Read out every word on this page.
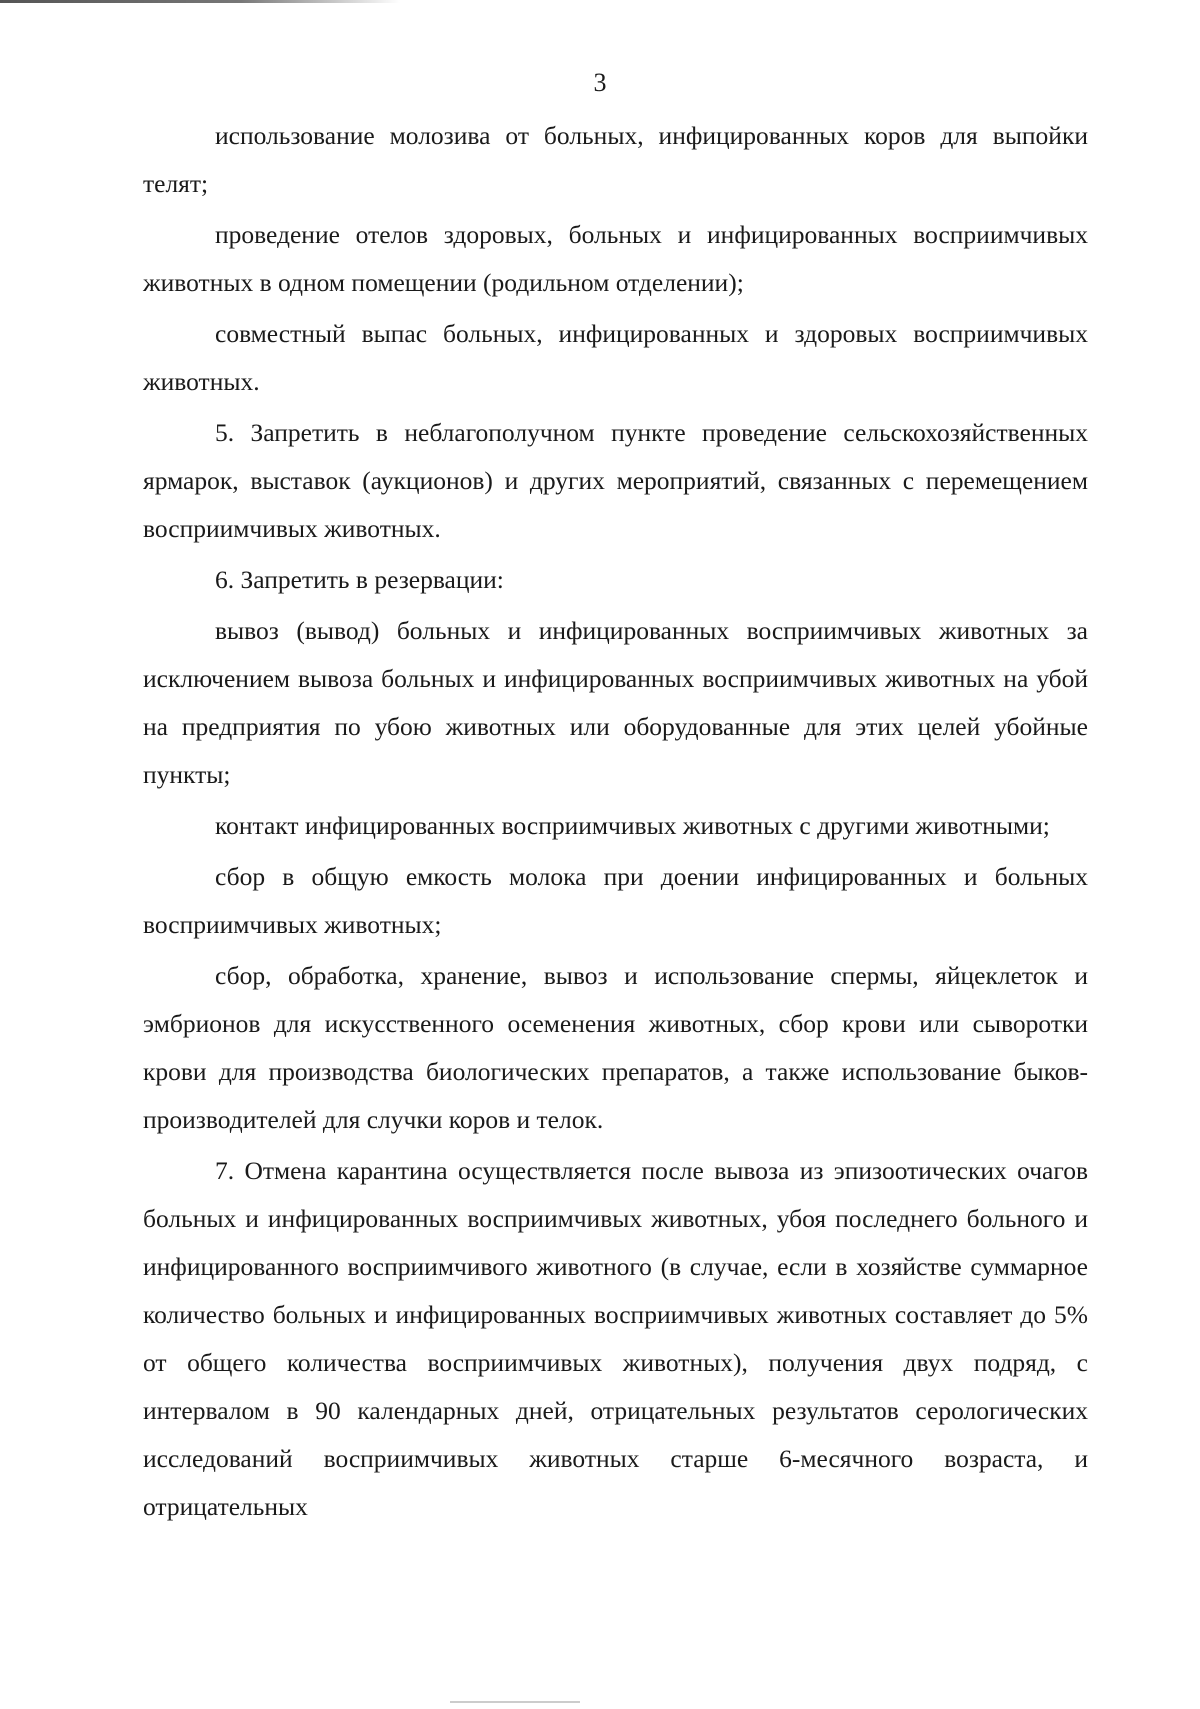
3

использование молозива от больных, инфицированных коров для выпойки телят;

проведение отелов здоровых, больных и инфицированных восприимчивых животных в одном помещении (родильном отделении);

совместный выпас больных, инфицированных и здоровых восприимчивых животных.

5. Запретить в неблагополучном пункте проведение сельскохозяйственных ярмарок, выставок (аукционов) и других мероприятий, связанных с перемещением восприимчивых животных.

6. Запретить в резервации:

вывоз (вывод) больных и инфицированных восприимчивых животных за исключением вывоза больных и инфицированных восприимчивых животных на убой на предприятия по убою животных или оборудованные для этих целей убойные пункты;

контакт инфицированных восприимчивых животных с другими животными;

сбор в общую емкость молока при доении инфицированных и больных восприимчивых животных;

сбор, обработка, хранение, вывоз и использование спермы, яйцеклеток и эмбрионов для искусственного осеменения животных, сбор крови или сыворотки крови для производства биологических препаратов, а также использование быков-производителей для случки коров и телок.

7. Отмена карантина осуществляется после вывоза из эпизоотических очагов больных и инфицированных восприимчивых животных, убоя последнего больного и инфицированного восприимчивого животного (в случае, если в хозяйстве суммарное количество больных и инфицированных восприимчивых животных составляет до 5% от общего количества восприимчивых животных), получения двух подряд, с интервалом в 90 календарных дней, отрицательных результатов серологических исследований восприимчивых животных старше 6-месячного возраста, и отрицательных
